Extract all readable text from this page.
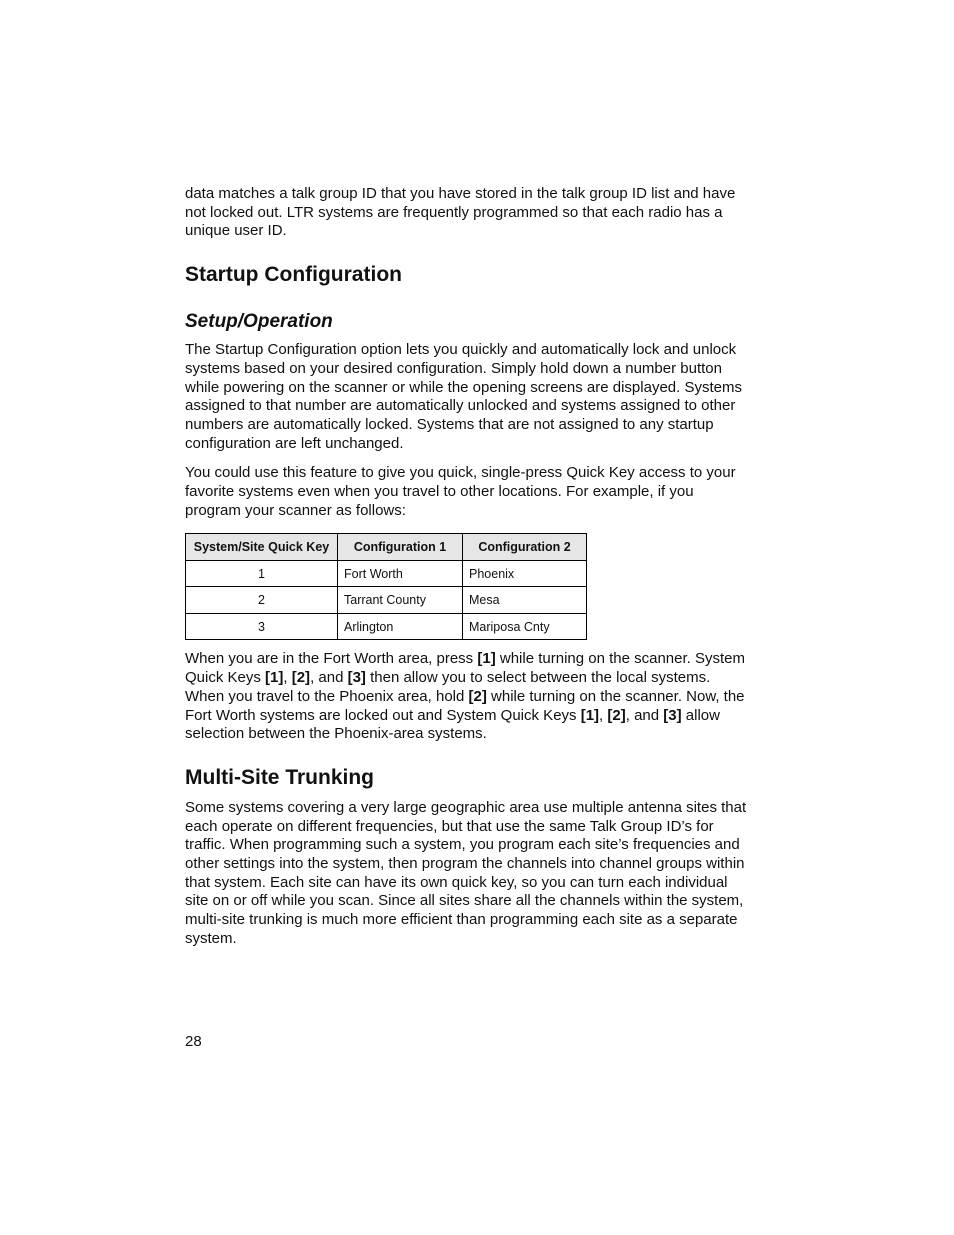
data matches a talk group ID that you have stored in the talk group ID list and have not locked out. LTR systems are frequently programmed so that each radio has a unique user ID.

Startup Configuration
Setup/Operation

The Startup Configuration option lets you quickly and automatically lock and unlock systems based on your desired configuration. Simply hold down a number button while powering on the scanner or while the opening screens are displayed. Systems assigned to that number are automatically unlocked and systems assigned to other numbers are automatically locked. Systems that are not assigned to any startup configuration are left unchanged.

You could use this feature to give you quick, single-press Quick Key access to your favorite systems even when you travel to other locations. For example, if you program your scanner as follows:

System/Site Quick Key	Configuration 1	Configuration 2
1	Fort Worth	Phoenix
2	Tarrant County	Mesa
3	Arlington	Mariposa Cnty

When you are in the Fort Worth area, press [1] while turning on the scanner. System Quick Keys [1], [2], and [3] then allow you to select between the local systems. When you travel to the Phoenix area, hold [2] while turning on the scanner. Now, the Fort Worth systems are locked out and System Quick Keys [1], [2], and [3] allow selection between the Phoenix-area systems.

Multi-Site Trunking

Some systems covering a very large geographic area use multiple antenna sites that each operate on different frequencies, but that use the same Talk Group ID’s for traffic. When programming such a system, you program each site’s frequencies and other settings into the system, then program the channels into channel groups within that system. Each site can have its own quick key, so you can turn each individual site on or off while you scan. Since all sites share all the channels within the system, multi-site trunking is much more efficient than programming each site as a separate system.

28
